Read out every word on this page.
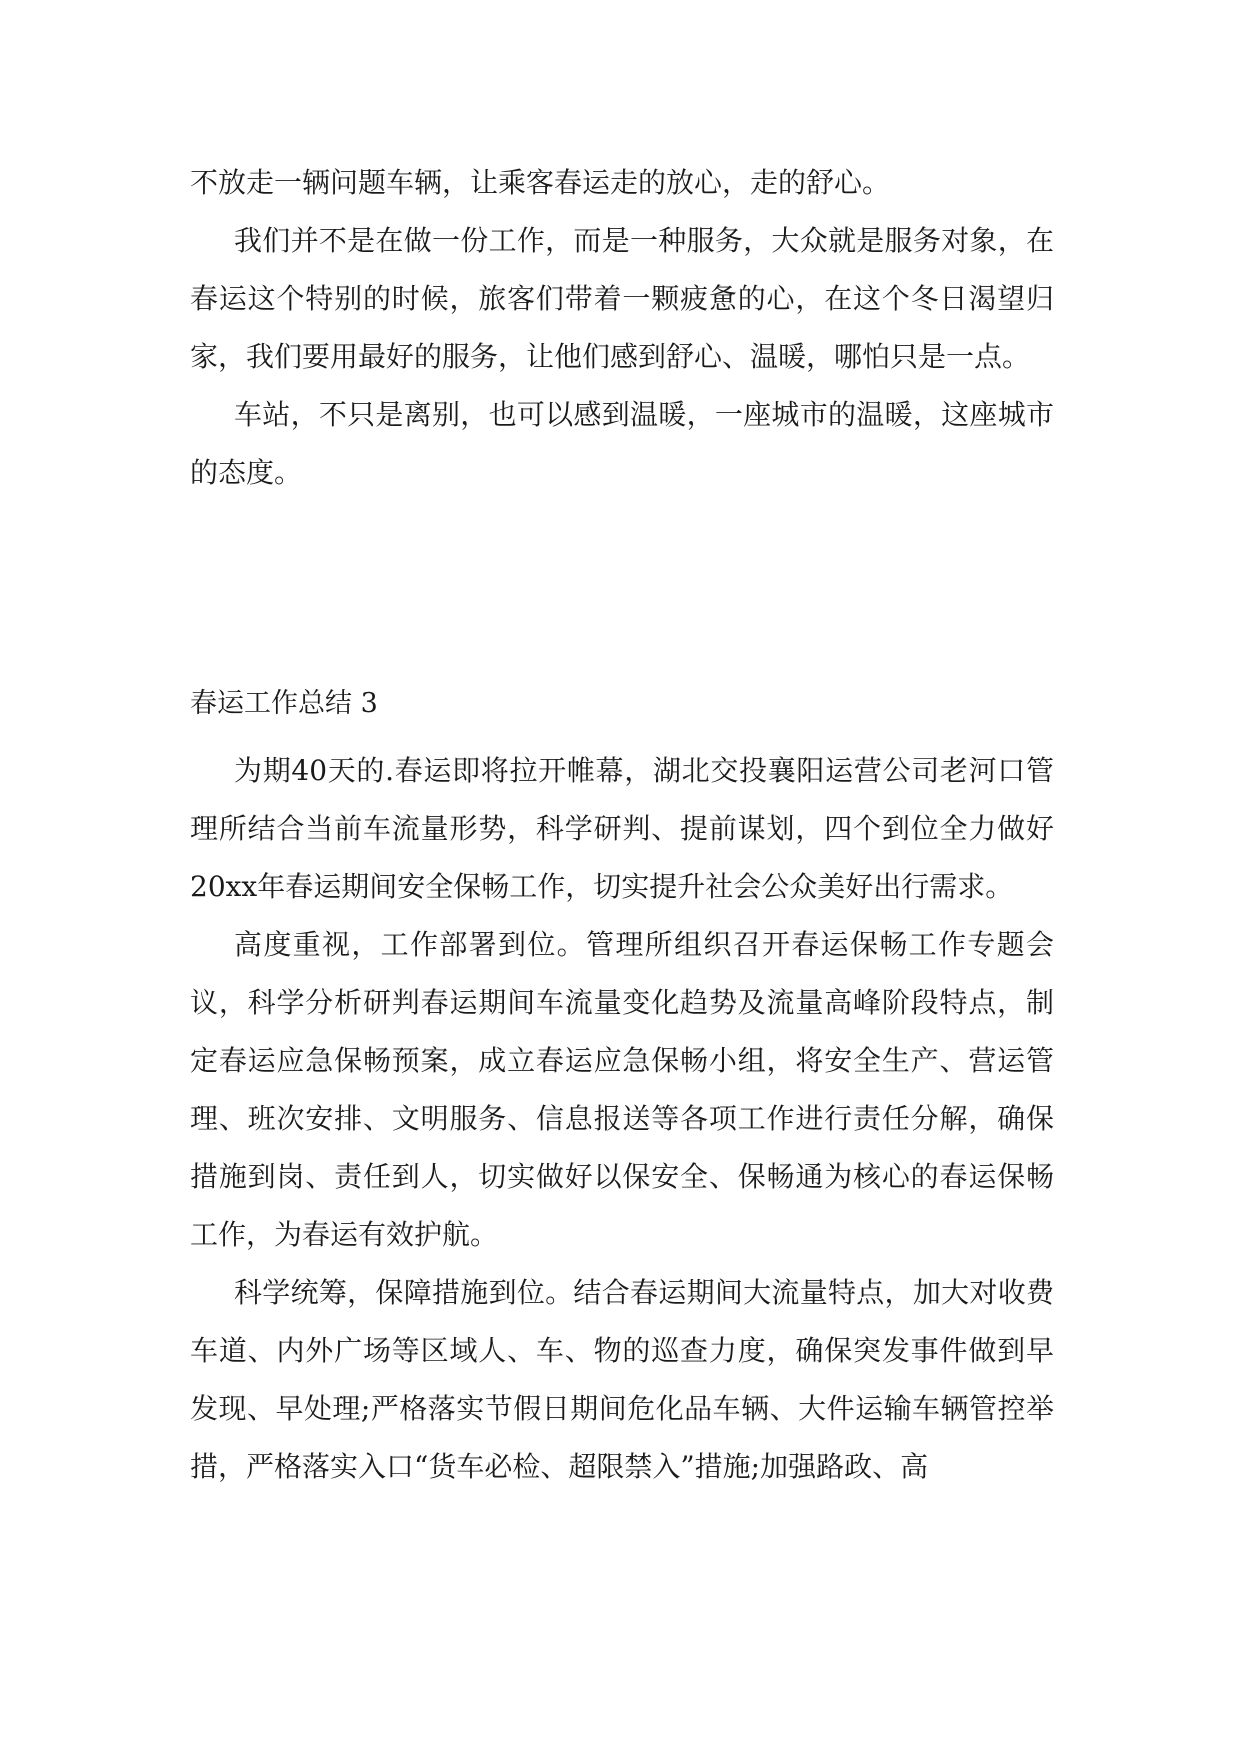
不放走一辆问题车辆，让乘客春运走的放心，走的舒心。

我们并不是在做一份工作，而是一种服务，大众就是服务对象，在春运这个特别的时候，旅客们带着一颗疲惫的心，在这个冬日渴望归家，我们要用最好的服务，让他们感到舒心、温暖，哪怕只是一点。

车站，不只是离别，也可以感到温暖，一座城市的温暖，这座城市的态度。

春运工作总结 3

为期40天的.春运即将拉开帷幕，湖北交投襄阳运营公司老河口管理所结合当前车流量形势，科学研判、提前谋划，四个到位全力做好20xx年春运期间安全保畅工作，切实提升社会公众美好出行需求。

高度重视，工作部署到位。管理所组织召开春运保畅工作专题会议，科学分析研判春运期间车流量变化趋势及流量高峰阶段特点，制定春运应急保畅预案，成立春运应急保畅小组，将安全生产、营运管理、班次安排、文明服务、信息报送等各项工作进行责任分解，确保措施到岗、责任到人，切实做好以保安全、保畅通为核心的春运保畅工作，为春运有效护航。

科学统筹，保障措施到位。结合春运期间大流量特点，加大对收费车道、内外广场等区域人、车、物的巡查力度，确保突发事件做到早发现、早处理;严格落实节假日期间危化品车辆、大件运输车辆管控举措，严格落实入口“货车必检、超限禁入”措施;加强路政、高
